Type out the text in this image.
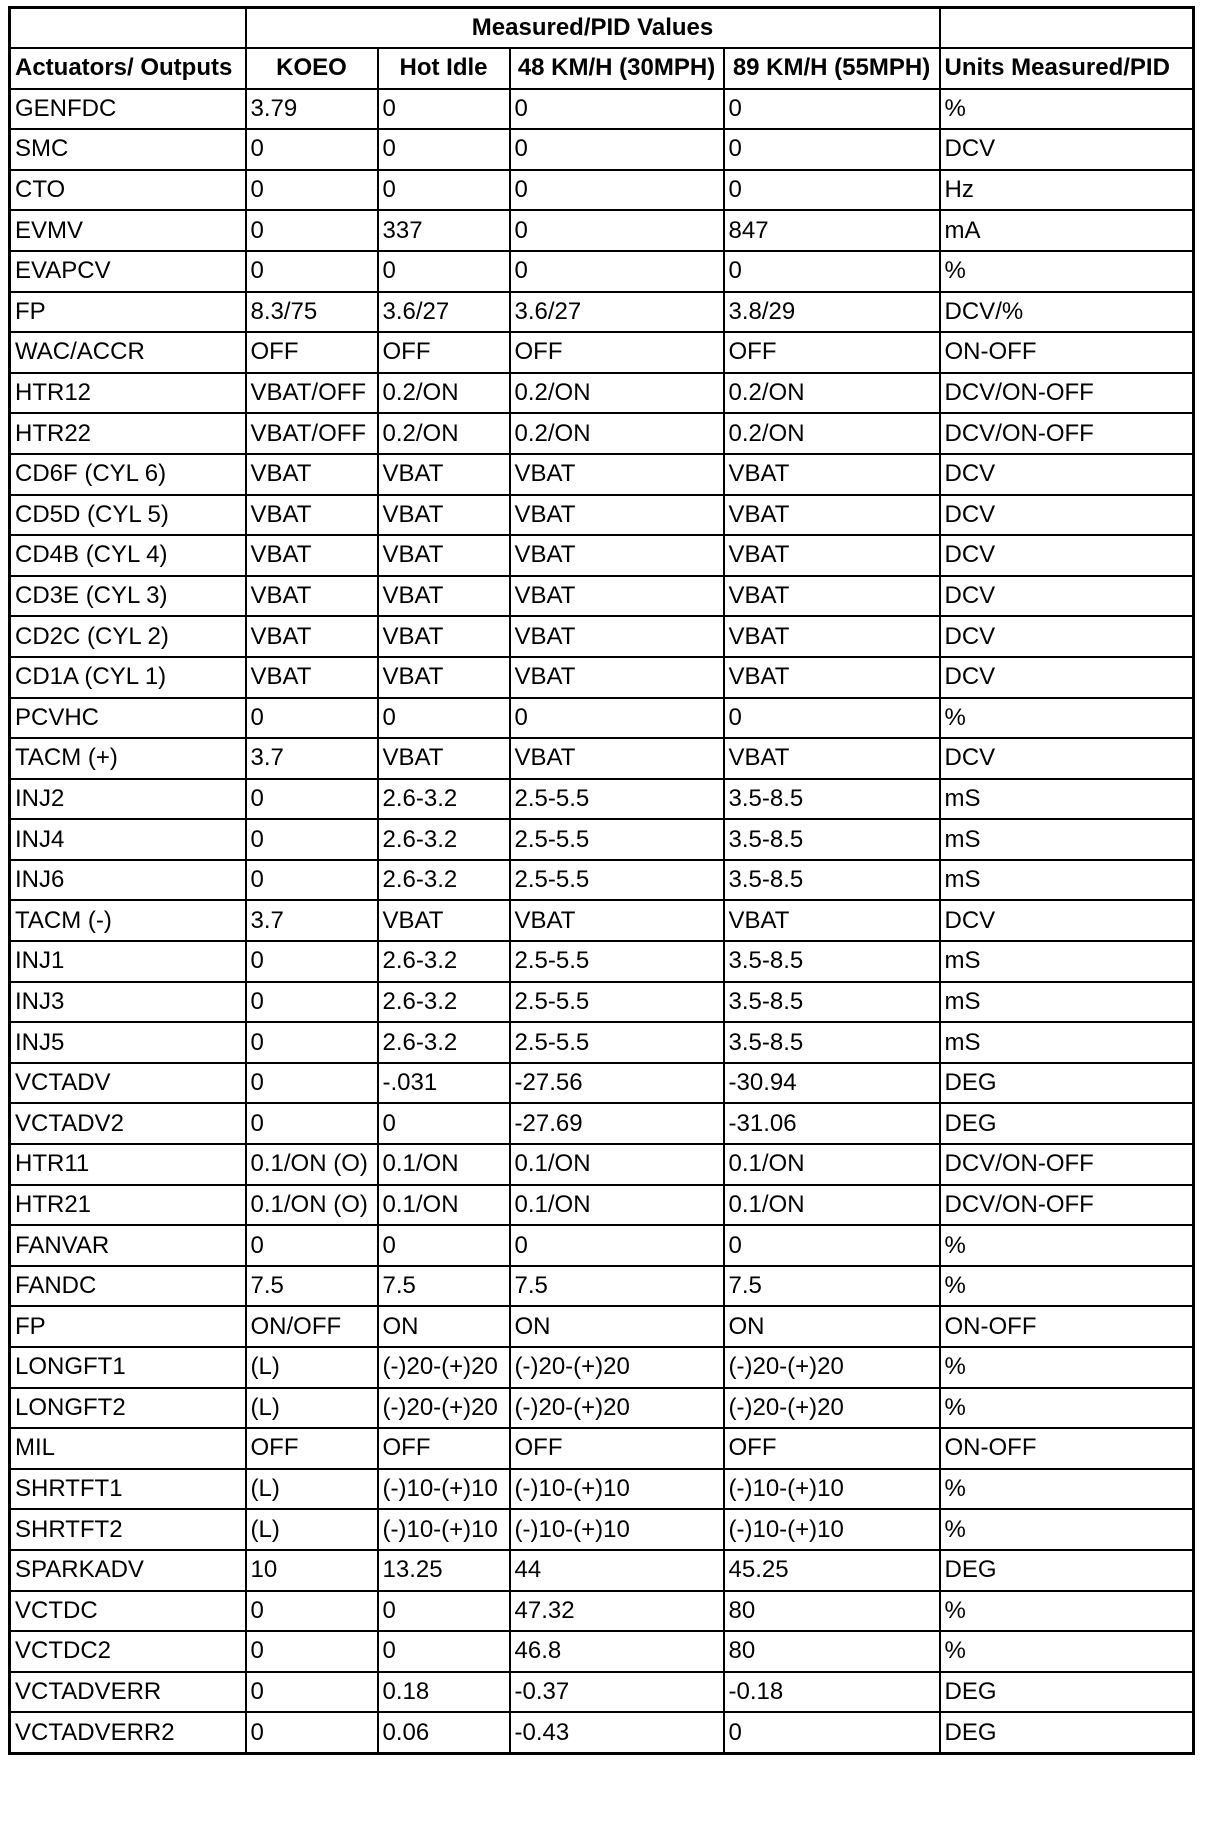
	Measured/PID Values				
Actuators/ Outputs	KOEO	Hot Idle	48 KM/H (30MPH)	89 KM/H (55MPH)	Units Measured/PID
GENFDC	3.79	0	0	0	%
SMC	0	0	0	0	DCV
CTO	0	0	0	0	Hz
EVMV	0	337	0	847	mA
EVAPCV	0	0	0	0	%
FP	8.3/75	3.6/27	3.6/27	3.8/29	DCV/%
WAC/ACCR	OFF	OFF	OFF	OFF	ON-OFF
HTR12	VBAT/OFF	0.2/ON	0.2/ON	0.2/ON	DCV/ON-OFF
HTR22	VBAT/OFF	0.2/ON	0.2/ON	0.2/ON	DCV/ON-OFF
CD6F (CYL 6)	VBAT	VBAT	VBAT	VBAT	DCV
CD5D (CYL 5)	VBAT	VBAT	VBAT	VBAT	DCV
CD4B (CYL 4)	VBAT	VBAT	VBAT	VBAT	DCV
CD3E (CYL 3)	VBAT	VBAT	VBAT	VBAT	DCV
CD2C (CYL 2)	VBAT	VBAT	VBAT	VBAT	DCV
CD1A (CYL 1)	VBAT	VBAT	VBAT	VBAT	DCV
PCVHC	0	0	0	0	%
TACM (+)	3.7	VBAT	VBAT	VBAT	DCV
INJ2	0	2.6-3.2	2.5-5.5	3.5-8.5	mS
INJ4	0	2.6-3.2	2.5-5.5	3.5-8.5	mS
INJ6	0	2.6-3.2	2.5-5.5	3.5-8.5	mS
TACM (-)	3.7	VBAT	VBAT	VBAT	DCV
INJ1	0	2.6-3.2	2.5-5.5	3.5-8.5	mS
INJ3	0	2.6-3.2	2.5-5.5	3.5-8.5	mS
INJ5	0	2.6-3.2	2.5-5.5	3.5-8.5	mS
VCTADV	0	-.031	-27.56	-30.94	DEG
VCTADV2	0	0	-27.69	-31.06	DEG
HTR11	0.1/ON (O)	0.1/ON	0.1/ON	0.1/ON	DCV/ON-OFF
HTR21	0.1/ON (O)	0.1/ON	0.1/ON	0.1/ON	DCV/ON-OFF
FANVAR	0	0	0	0	%
FANDC	7.5	7.5	7.5	7.5	%
FP	ON/OFF	ON	ON	ON	ON-OFF
LONGFT1	(L)	(-)20-(+)20	(-)20-(+)20	(-)20-(+)20	%
LONGFT2	(L)	(-)20-(+)20	(-)20-(+)20	(-)20-(+)20	%
MIL	OFF	OFF	OFF	OFF	ON-OFF
SHRTFT1	(L)	(-)10-(+)10	(-)10-(+)10	(-)10-(+)10	%
SHRTFT2	(L)	(-)10-(+)10	(-)10-(+)10	(-)10-(+)10	%
SPARKADV	10	13.25	44	45.25	DEG
VCTDC	0	0	47.32	80	%
VCTDC2	0	0	46.8	80	%
VCTADVERR	0	0.18	-0.37	-0.18	DEG
VCTADVERR2	0	0.06	-0.43	0	DEG
